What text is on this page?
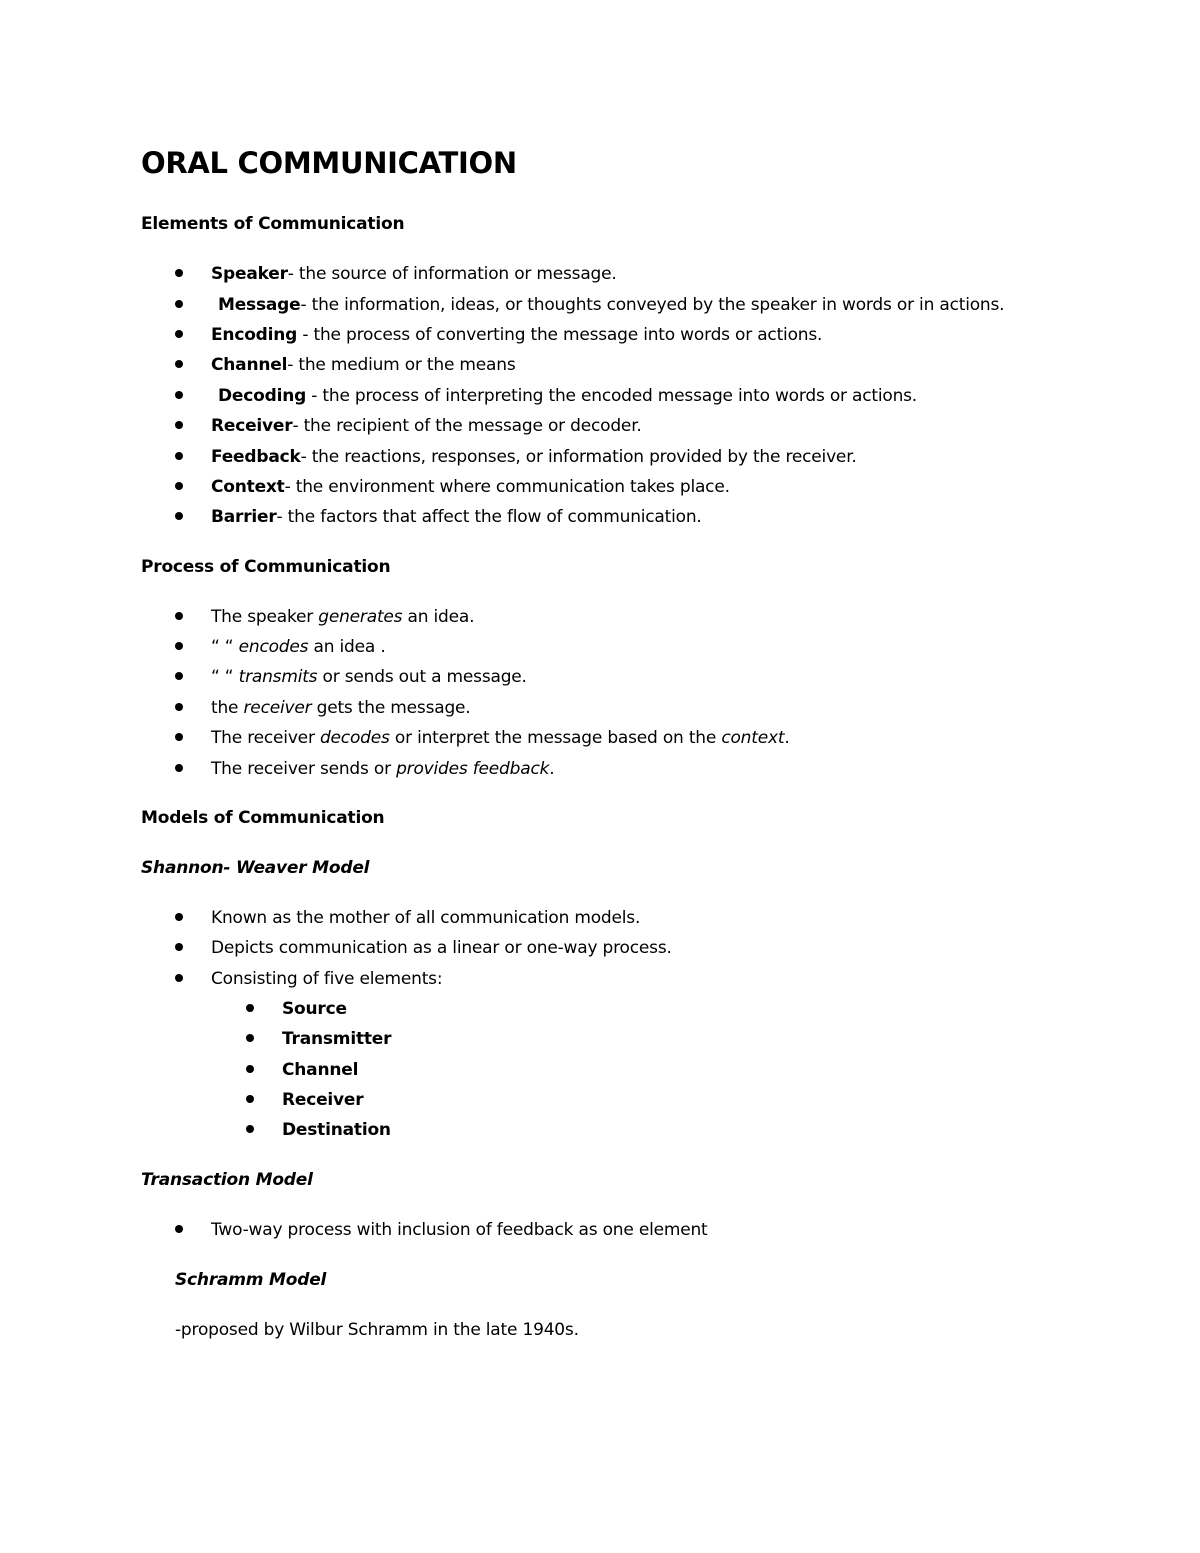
ORAL COMMUNICATION
Elements of Communication
Speaker- the source of information or message.
Message- the information, ideas, or thoughts conveyed by the speaker in words or in actions.
Encoding - the process of converting the message into words or actions.
Channel- the medium or the means
Decoding - the process of interpreting the encoded message into words or actions.
Receiver- the recipient of the message or decoder.
Feedback- the reactions, responses, or information provided by the receiver.
Context- the environment where communication takes place.
Barrier- the factors that affect the flow of communication.
Process of Communication
The speaker generates an idea.
“ “ encodes an idea .
“ “ transmits or sends out a message.
the receiver gets the message.
The receiver decodes or interpret the message based on the context.
The receiver sends or provides feedback.
Models of Communication
Shannon- Weaver Model
Known as the mother of all communication models.
Depicts communication as a linear or one-way process.
Consisting of five elements:
Source
Transmitter
Channel
Receiver
Destination
Transaction Model
Two-way process with inclusion of feedback as one element
Schramm Model

-proposed by Wilbur Schramm in the late 1940s.
